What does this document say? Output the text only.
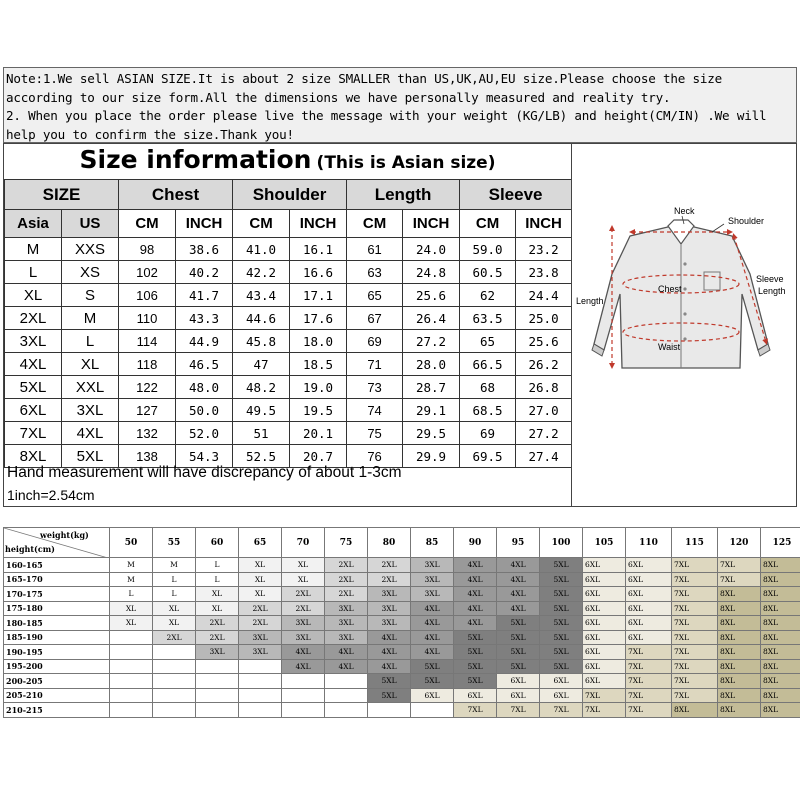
Note:1.We sell ASIAN SIZE.It is about 2 size SMALLER than US,UK,AU,EU size.Please choose the size according to our size form.All the dimensions we have personally measured and reality try.
2. When you place the order please live the message with your weight (KG/LB) and height(CM/IN) .We will help you to confirm the size.Thank you!
Size information (This is Asian size)
SIZE		Chest		Shoulder		Length		Sleeve	
Asia	US	CM	INCH	CM	INCH	CM	INCH	CM	INCH
M	XXS	98	38.6	41.0	16.1	61	24.0	59.0	23.2
L	XS	102	40.2	42.2	16.6	63	24.8	60.5	23.8
XL	S	106	41.7	43.4	17.1	65	25.6	62	24.4
2XL	M	110	43.3	44.6	17.6	67	26.4	63.5	25.0
3XL	L	114	44.9	45.8	18.0	69	27.2	65	25.6
4XL	XL	118	46.5	47	18.5	71	28.0	66.5	26.2
5XL	XXL	122	48.0	48.2	19.0	73	28.7	68	26.8
6XL	3XL	127	50.0	49.5	19.5	74	29.1	68.5	27.0
7XL	4XL	132	52.0	51	20.1	75	29.5	69	27.2
8XL	5XL	138	54.3	52.5	20.7	76	29.9	69.5	27.4
Hand measurement will have discrepancy of about 1-3cm
1inch=2.54cm
Neck
Shoulder
Sleeve
Length
Length
Chest
Waist
weight(kg)
height(cm)	50	55	60	65	70	75	80	85	90	95	100	105	110	115	120	125
160-165	M	M	L	XL	XL	2XL	2XL	3XL	4XL	4XL	5XL	6XL	6XL	7XL	7XL	8XL
165-170	M	L	L	XL	XL	2XL	2XL	3XL	4XL	4XL	5XL	6XL	6XL	7XL	7XL	8XL
170-175	L	L	XL	XL	2XL	2XL	3XL	3XL	4XL	4XL	5XL	6XL	6XL	7XL	8XL	8XL
175-180	XL	XL	XL	2XL	2XL	3XL	3XL	4XL	4XL	4XL	5XL	6XL	6XL	7XL	8XL	8XL
180-185	XL	XL	2XL	2XL	3XL	3XL	3XL	4XL	4XL	5XL	5XL	6XL	6XL	7XL	8XL	8XL
185-190		2XL	2XL	3XL	3XL	3XL	4XL	4XL	5XL	5XL	5XL	6XL	6XL	7XL	8XL	8XL
190-195			3XL	3XL	4XL	4XL	4XL	4XL	5XL	5XL	5XL	6XL	7XL	7XL	8XL	8XL
195-200					4XL	4XL	4XL	5XL	5XL	5XL	5XL	6XL	7XL	7XL	8XL	8XL
200-205							5XL	5XL	5XL	6XL	6XL	6XL	7XL	7XL	8XL	8XL
205-210							5XL	6XL	6XL	6XL	6XL	7XL	7XL	7XL	8XL	8XL
210-215									7XL	7XL	7XL	7XL	7XL	8XL	8XL	8XL
